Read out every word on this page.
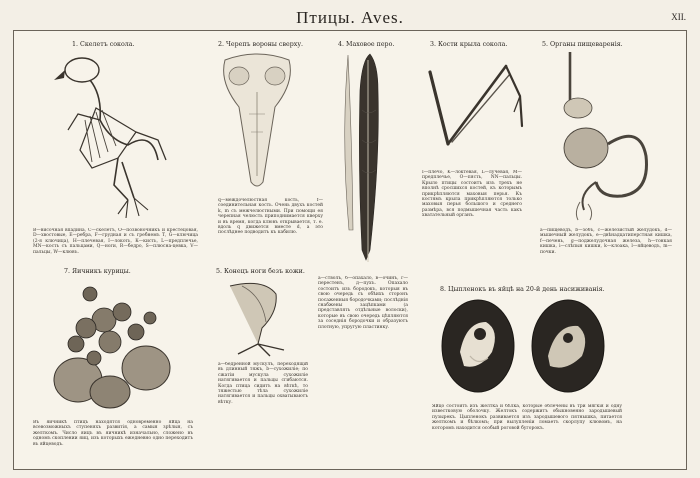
Птицы. Aves.	XII.
1. Скелетъ сокола.
В—височная впадина, С—скелетъ, О—позвоночникъ и крестецовая, D—хвостовые, Е—ребра, F—грудная и съ гребнемъ Т, G—ключица (2-я ключица), Н—плечевая, I—локоть, К—кисть, L—предплечье, МN—кость съ пальцами, Q—ноги, R—бедро, S—плюсна-цевка, V—пальцы, W—клювъ.
2. Черепъ вороны сверху.
q—междочелюстная кость, f—соединительная кость. Очень двухъ костей k, m съ межчелюстными. При помощи ея черепная челюсть приподнимается кверху и въ время, когда клювъ открывается, т. е. вдоль q движется вместе d, а это послѣднее подводитъ къ кабилю.
4. Маховое перо.
а—стволъ, б—опахало, в—очинъ, г—перестенъ, д—пухъ. Опахало состоитъ изъ бородокъ, которыя въ свою очередь съ обѣихъ сторонъ посаженныя бородочками; послѣднія снабжены зацѣпками (а представлять отдѣльные волоски), которые въ свою очередь цѣпляются за соседнія бородочки и образуютъ плотную, упругую пластинку.
3. Кости крыла сокола.
I—плечо, K—локтевая, L—лучевая, M—предплечье, O—пясть, NN—пальцы. Крыло птицы состоитъ изъ трехъ не вполнѣ сросшихся костей, къ которымъ прикрѣпляются маховыя перья. Къ костямъ крыла прикрѣпляются только маховыя перья большого и среднего размѣра, вся подмышечная часть какъ хватательный органъ.
5. Органы пищеваренія.
а—пищеводъ, b—зобъ, с—железистый желудокъ, d—мышечный желудокъ, е—двѣнадцатиперстная кишка, f—печень, g—поджелудочная железа, h—тонкая кишка, i—слѣпыя кишки, k—клоака, l—яйцеводъ, m—почки.
7. Яичникъ курицы.
Въ яичникѣ птицъ находятся одновременно яйца на всевозможныхъ ступеняхъ развитія, а самыя зрѣлыя, съ желткомъ. Число яицъ въ яичникѣ изначально, сложено въ одномъ скоплении яиц, изъ которыхъ ежедневно одно переходитъ въ яйцеводъ.
5. Конецъ ноги безъ кожи.
а—бедренной мускулъ, переходящій въ длинный тяжъ, b—сухожиліе; по сжатіи мускула сухожиліе натягивается и пальцы сгибаются. Когда птица сидитъ на вѣткѣ, то тяжестью тѣла сухожиліе натягивается и пальцы охватываютъ вѣтку.
8. Цыпленокъ въ яйцѣ на 20-й день насиживанія.
Яйцо состоитъ изъ желтка и бѣлка, которые облечены въ три мягкія и одну известковую оболочку. Желтокъ содержитъ обыкновенно зародышевый пузырекъ. Цыпленокъ развивается изъ зародышевого пятнышка, питается желткомъ и бѣлкомъ; при вылупленіи ломаетъ скорлупу клювомъ, на которомъ находится особый роговой бугорокъ.
